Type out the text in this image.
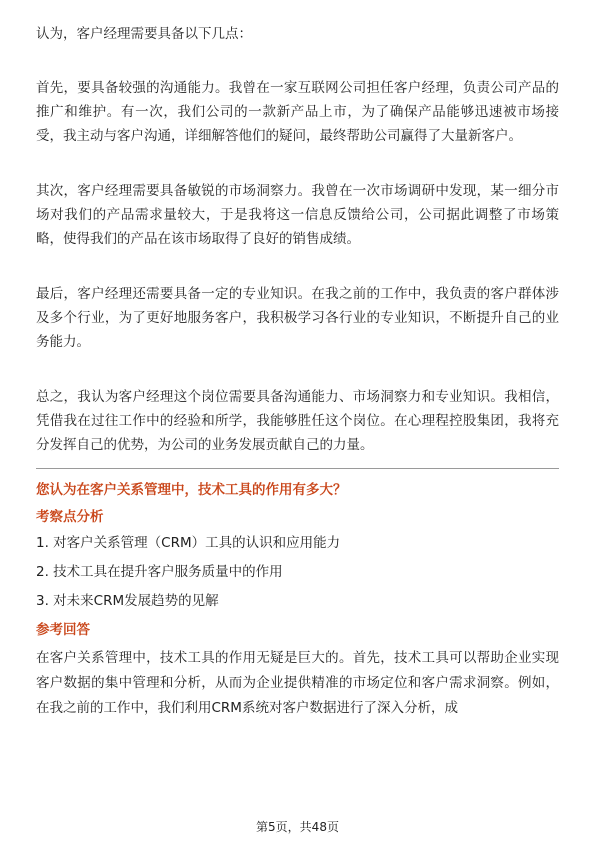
认为，客户经理需要具备以下几点：

首先，要具备较强的沟通能力。我曾在一家互联网公司担任客户经理，负责公司产品的推广和维护。有一次，我们公司的一款新产品上市，为了确保产品能够迅速被市场接受，我主动与客户沟通，详细解答他们的疑问，最终帮助公司赢得了大量新客户。

其次，客户经理需要具备敏锐的市场洞察力。我曾在一次市场调研中发现，某一细分市场对我们的产品需求量较大，于是我将这一信息反馈给公司，公司据此调整了市场策略，使得我们的产品在该市场取得了良好的销售成绩。

最后，客户经理还需要具备一定的专业知识。在我之前的工作中，我负责的客户群体涉及多个行业，为了更好地服务客户，我积极学习各行业的专业知识，不断提升自己的业务能力。

总之，我认为客户经理这个岗位需要具备沟通能力、市场洞察力和专业知识。我相信，凭借我在过往工作中的经验和所学，我能够胜任这个岗位。在心理程控股集团，我将充分发挥自己的优势，为公司的业务发展贡献自己的力量。

您认为在客户关系管理中，技术工具的作用有多大？

考察点分析

1. 对客户关系管理（CRM）工具的认识和应用能力

2. 技术工具在提升客户服务质量中的作用

3. 对未来CRM发展趋势的见解

参考回答

在客户关系管理中，技术工具的作用无疑是巨大的。首先，技术工具可以帮助企业实现客户数据的集中管理和分析，从而为企业提供精准的市场定位和客户需求洞察。例如，在我之前的工作中，我们利用CRM系统对客户数据进行了深入分析，成

第5页，共48页
